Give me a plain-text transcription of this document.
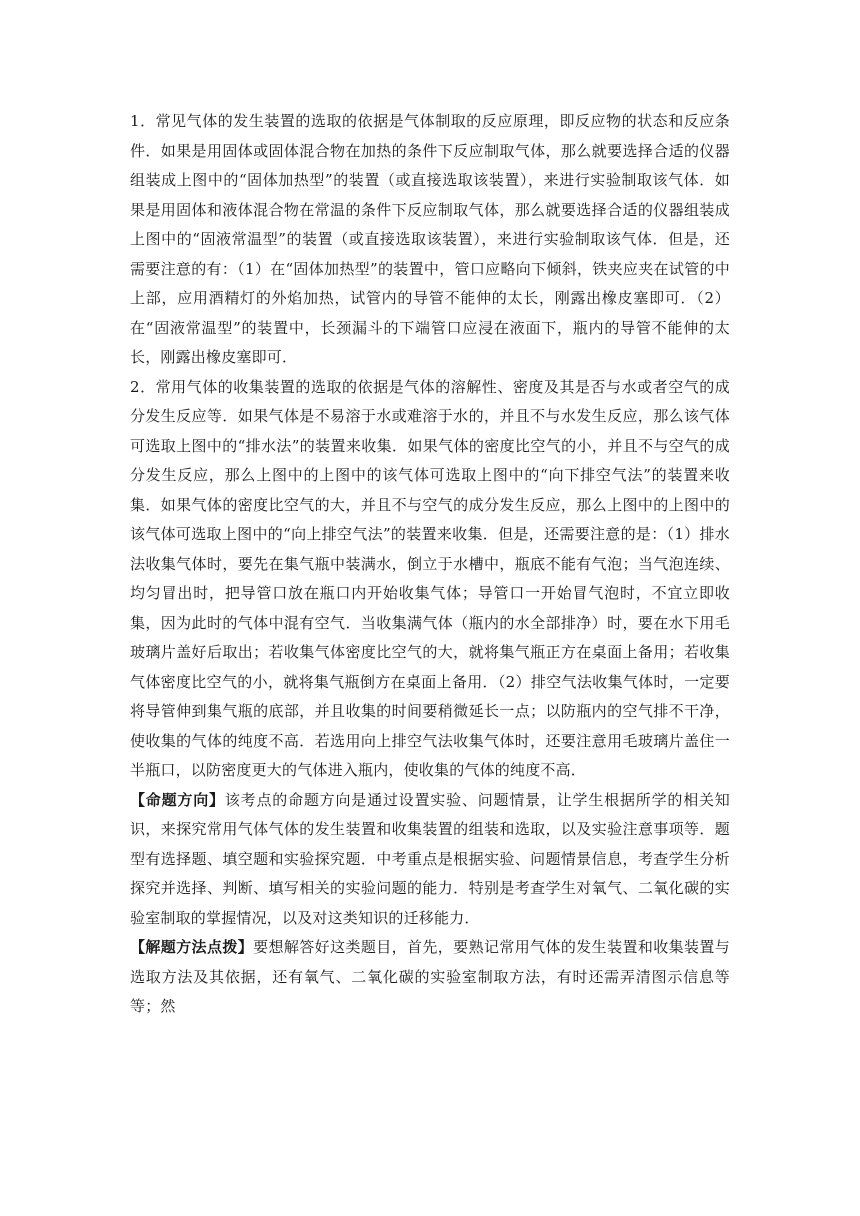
1．常见气体的发生装置的选取的依据是气体制取的反应原理，即反应物的状态和反应条件．如果是用固体或固体混合物在加热的条件下反应制取气体，那么就要选择合适的仪器组装成上图中的“固体加热型”的装置（或直接选取该装置），来进行实验制取该气体．如果是用固体和液体混合物在常温的条件下反应制取气体，那么就要选择合适的仪器组装成上图中的“固液常温型”的装置（或直接选取该装置），来进行实验制取该气体．但是，还需要注意的有：（1）在“固体加热型”的装置中，管口应略向下倾斜，铁夹应夹在试管的中上部，应用酒精灯的外焰加热，试管内的导管不能伸的太长，刚露出橡皮塞即可．（2）在“固液常温型”的装置中，长颈漏斗的下端管口应浸在液面下，瓶内的导管不能伸的太长，刚露出橡皮塞即可．

2．常用气体的收集装置的选取的依据是气体的溶解性、密度及其是否与水或者空气的成分发生反应等．如果气体是不易溶于水或难溶于水的，并且不与水发生反应，那么该气体可选取上图中的“排水法”的装置来收集．如果气体的密度比空气的小，并且不与空气的成分发生反应，那么上图中的上图中的该气体可选取上图中的“向下排空气法”的装置来收集．如果气体的密度比空气的大，并且不与空气的成分发生反应，那么上图中的上图中的该气体可选取上图中的“向上排空气法”的装置来收集．但是，还需要注意的是：（1）排水法收集气体时，要先在集气瓶中装满水，倒立于水槽中，瓶底不能有气泡；当气泡连续、均匀冒出时，把导管口放在瓶口内开始收集气体；导管口一开始冒气泡时，不宜立即收集，因为此时的气体中混有空气．当收集满气体（瓶内的水全部排净）时，要在水下用毛玻璃片盖好后取出；若收集气体密度比空气的大，就将集气瓶正方在桌面上备用；若收集气体密度比空气的小，就将集气瓶倒方在桌面上备用．（2）排空气法收集气体时，一定要将导管伸到集气瓶的底部，并且收集的时间要稍微延长一点；以防瓶内的空气排不干净，使收集的气体的纯度不高．若选用向上排空气法收集气体时，还要注意用毛玻璃片盖住一半瓶口，以防密度更大的气体进入瓶内，使收集的气体的纯度不高．

【命题方向】该考点的命题方向是通过设置实验、问题情景，让学生根据所学的相关知识，来探究常用气体气体的发生装置和收集装置的组装和选取，以及实验注意事项等．题型有选择题、填空题和实验探究题．中考重点是根据实验、问题情景信息，考查学生分析探究并选择、判断、填写相关的实验问题的能力．特别是考查学生对氧气、二氧化碳的实验室制取的掌握情况，以及对这类知识的迁移能力．

【解题方法点拨】要想解答好这类题目，首先，要熟记常用气体的发生装置和收集装置与选取方法及其依据，还有氧气、二氧化碳的实验室制取方法，有时还需弄清图示信息等等；然
